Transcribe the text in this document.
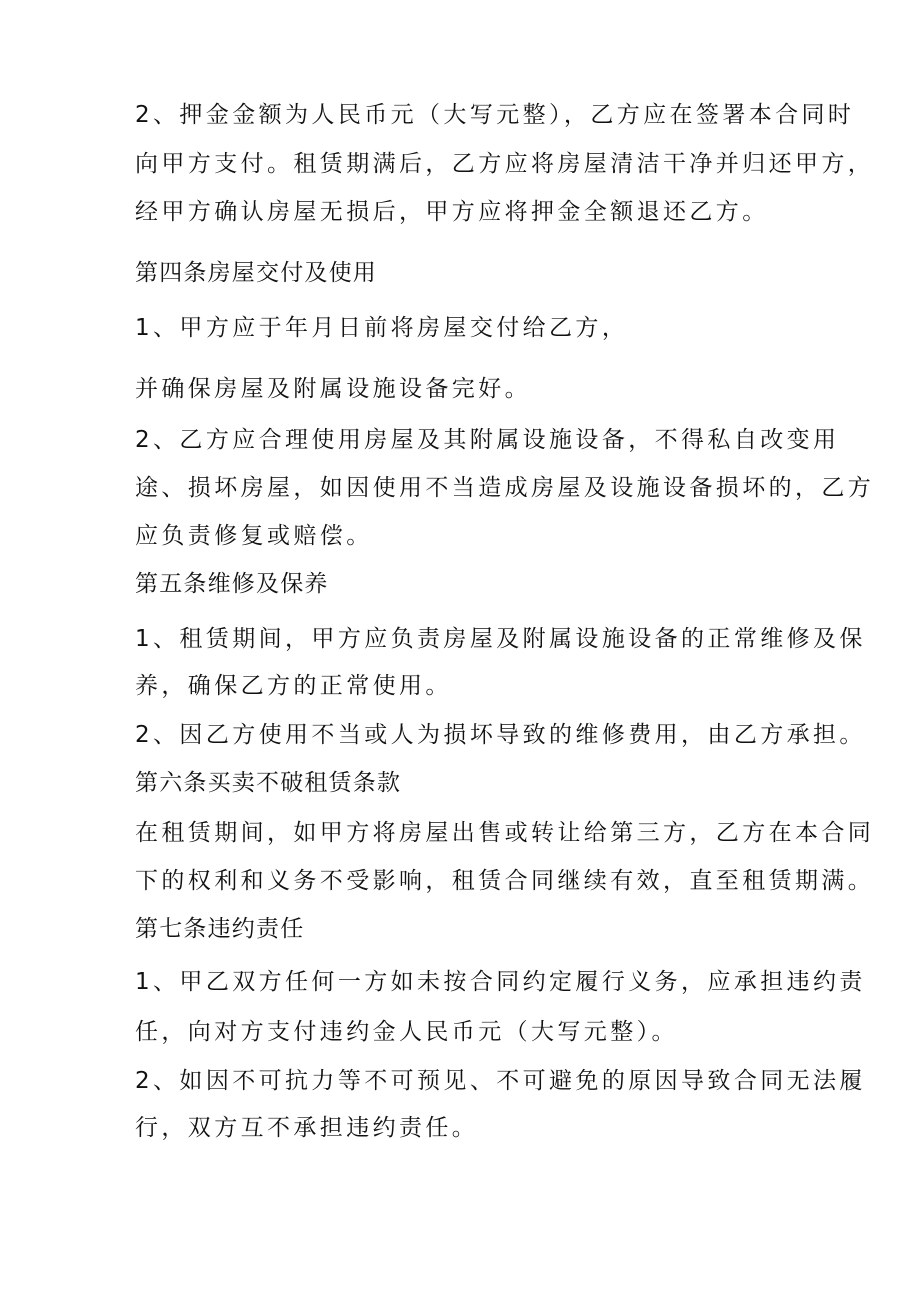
2、押金金额为人民币元（大写元整），乙方应在签署本合同时
向甲方支付。租赁期满后，乙方应将房屋清洁干净并归还甲方，
经甲方确认房屋无损后，甲方应将押金全额退还乙方。
第四条房屋交付及使用
1、甲方应于年月日前将房屋交付给乙方，
并确保房屋及附属设施设备完好。
2、乙方应合理使用房屋及其附属设施设备，不得私自改变用
途、损坏房屋，如因使用不当造成房屋及设施设备损坏的，乙方
应负责修复或赔偿。
第五条维修及保养
1、租赁期间，甲方应负责房屋及附属设施设备的正常维修及保
养，确保乙方的正常使用。
2、因乙方使用不当或人为损坏导致的维修费用，由乙方承担。
第六条买卖不破租赁条款
在租赁期间，如甲方将房屋出售或转让给第三方，乙方在本合同
下的权利和义务不受影响，租赁合同继续有效，直至租赁期满。
第七条违约责任
1、甲乙双方任何一方如未按合同约定履行义务，应承担违约责
任，向对方支付违约金人民币元（大写元整）。
2、如因不可抗力等不可预见、不可避免的原因导致合同无法履
行，双方互不承担违约责任。
